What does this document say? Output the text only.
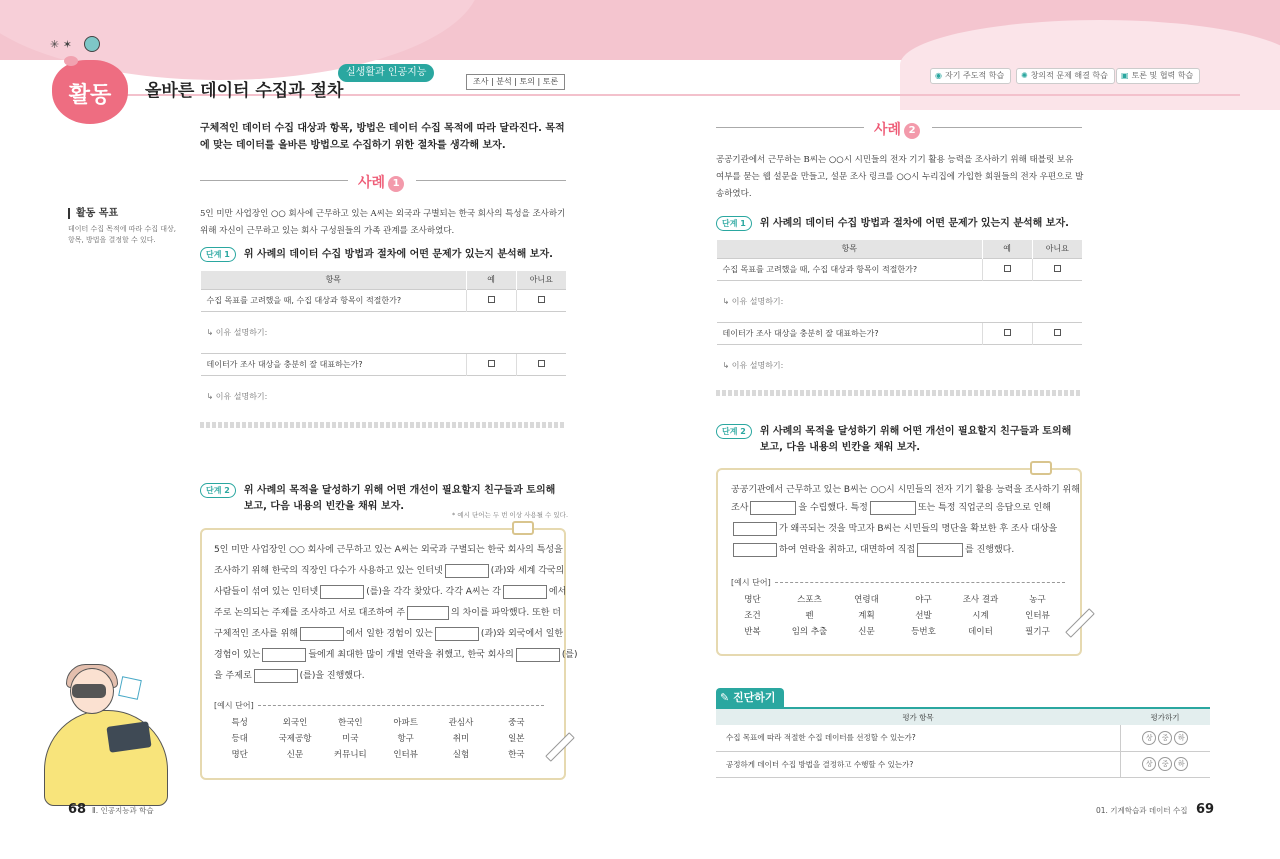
✳ ✶
활동	올바른 데이터 수집과 절차
실생활과 인공지능
조사 | 분석 | 토의 | 토론
◉ 자기 주도적 학습	✺ 창의적 문제 해결 학습	▣ 토론 및 협력 학습
구체적인 데이터 수집 대상과 항목, 방법은 데이터 수집 목적에 따라 달라진다. 목적에 맞는 데이터를 올바른 방법으로 수집하기 위한 절차를 생각해 보자.
사례 1
활동 목표
데이터 수집 목적에 따라 수집 대상, 항목, 방법을 결정할 수 있다.
5인 미만 사업장인 ○○ 회사에 근무하고 있는 A씨는 외국과 구별되는 한국 회사의 특성을 조사하기 위해 자신이 근무하고 있는 회사 구성원들의 가족 관계를 조사하였다.
단계 1	위 사례의 데이터 수집 방법과 절차에 어떤 문제가 있는지 분석해 보자.
항목	예	아니요
수집 목표를 고려했을 때, 수집 대상과 항목이 적절한가?		
↳ 이유 설명하기:		
데이터가 조사 대상을 충분히 잘 대표하는가?		
↳ 이유 설명하기:		
단계 2	위 사례의 목적을 달성하기 위해 어떤 개선이 필요할지 친구들과 토의해 보고, 다음 내용의 빈칸을 채워 보자.
* 예시 단어는 두 번 이상 사용될 수 있다.
5인 미만 사업장인 ○○ 회사에 근무하고 있는 A씨는 외국과 구별되는 한국 회사의 특성을
조사하기 위해 한국의 직장인 다수가 사용하고 있는 인터넷	(과)와 세계 각국의
사람들이 섞여 있는 인터넷	(를)을 각각 찾았다. 각각 A씨는 각	에서
주로 논의되는 주제를 조사하고 서로 대조하여 주	의 차이를 파악했다. 또한 더
구체적인 조사를 위해	에서 일한 경험이 있는	(과)와 외국에서 일한
경험이 있는	들에게 최대한 많이 개별 연락을 취했고, 한국 회사의	(를)
을 주제로	(를)을 진행했다.
[예시 단어]
특성	외국인	한국인	아파트	관심사	중국
등대	국제공항	미국	항구	취미	일본
명단	신문	커뮤니티	인터뷰	실험	한국
사례 2
공공기관에서 근무하는 B씨는 ○○시 시민들의 전자 기기 활용 능력을 조사하기 위해 태블릿 보유 여부를 묻는 웹 설문을 만들고, 설문 조사 링크를 ○○시 누리집에 가입한 회원들의 전자 우편으로 발송하였다.
단계 1	위 사례의 데이터 수집 방법과 절차에 어떤 문제가 있는지 분석해 보자.
항목	예	아니요
수집 목표를 고려했을 때, 수집 대상과 항목이 적절한가?		
↳ 이유 설명하기:		
데이터가 조사 대상을 충분히 잘 대표하는가?		
↳ 이유 설명하기:		
단계 2	위 사례의 목적을 달성하기 위해 어떤 개선이 필요할지 친구들과 토의해 보고, 다음 내용의 빈칸을 채워 보자.
공공기관에서 근무하고 있는 B씨는 ○○시 시민들의 전자 기기 활용 능력을 조사하기 위해
조사	을 수립했다. 특정	또는 특정 직업군의 응답으로 인해
가 왜곡되는 것을 막고자 B씨는 시민들의 명단을 확보한 후 조사 대상을
하여 연락을 취하고, 대면하여 직접	를 진행했다.
[예시 단어]
명단	스포츠	연령대	야구	조사 결과	농구
조건	펜	계획	선발	시계	인터뷰
반복	임의 추출	신문	등번호	데이터	필기구
✎ 진단하기
평가 항목	평가하기
수집 목표에 따라 적절한 수집 데이터를 선정할 수 있는가?	상 중 하
공정하게 데이터 수집 방법을 결정하고 수행할 수 있는가?	상 중 하
68 Ⅱ. 인공지능과 학습	01. 기계학습과 데이터 수집 69
